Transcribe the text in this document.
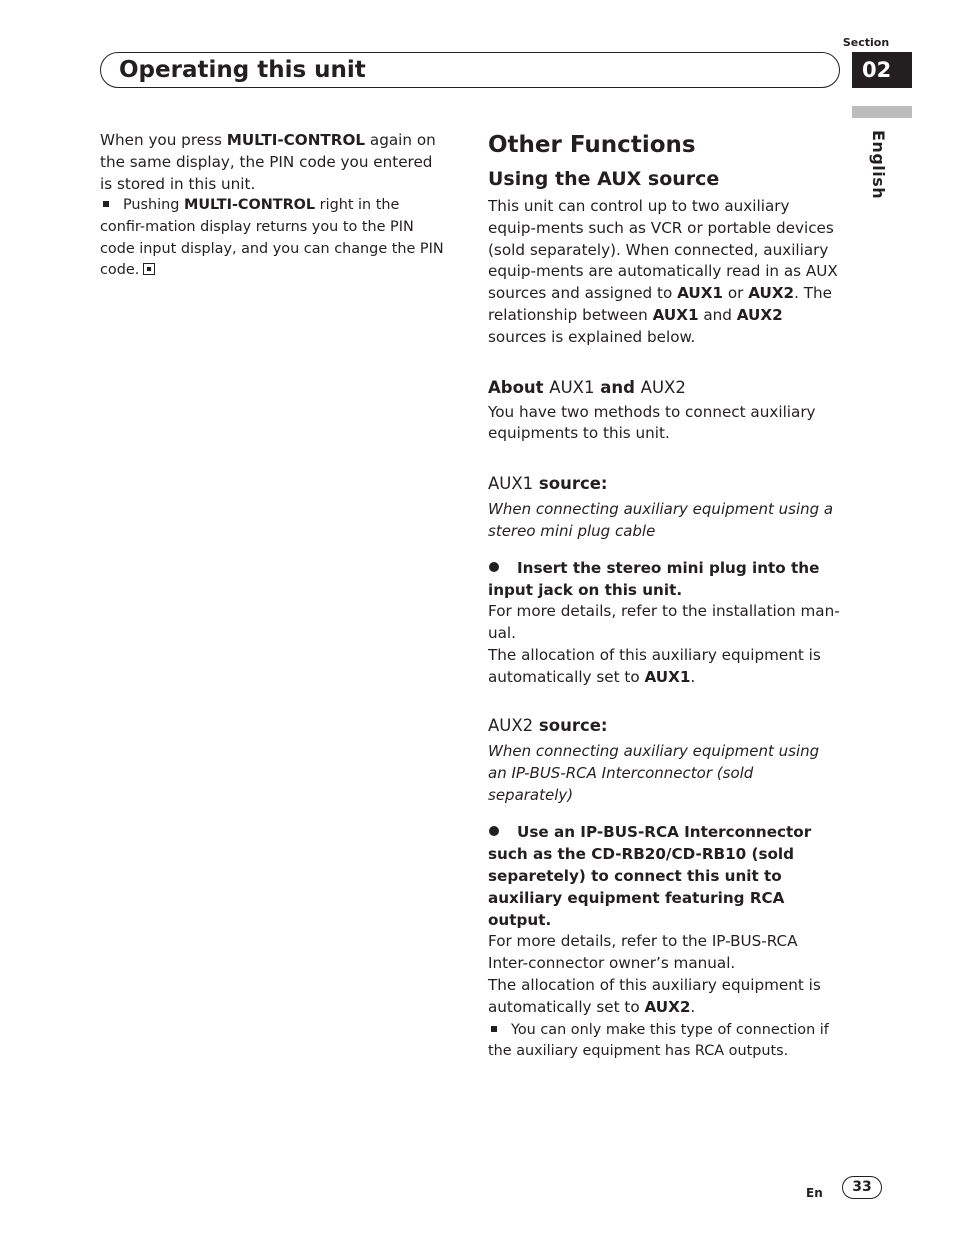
Section
02
Operating this unit
English

When you press MULTI-CONTROL again on the same display, the PIN code you entered is stored in this unit.

Pushing MULTI-CONTROL right in the confir-mation display returns you to the PIN code input display, and you can change the PIN code.

Other Functions
Using the AUX source

This unit can control up to two auxiliary equip-ments such as VCR or portable devices (sold separately). When connected, auxiliary equip-ments are automatically read in as AUX sources and assigned to AUX1 or AUX2. The relationship between AUX1 and AUX2 sources is explained below.

About AUX1 and AUX2

You have two methods to connect auxiliary equipments to this unit.

AUX1 source:

When connecting auxiliary equipment using a stereo mini plug cable

Insert the stereo mini plug into the input jack on this unit.

For more details, refer to the installation man-ual.

The allocation of this auxiliary equipment is automatically set to AUX1.

AUX2 source:

When connecting auxiliary equipment using an IP-BUS-RCA Interconnector (sold separately)

Use an IP-BUS-RCA Interconnector such as the CD-RB20/CD-RB10 (sold separetely) to connect this unit to auxiliary equipment featuring RCA output.

For more details, refer to the IP-BUS-RCA Inter-connector owner’s manual.

The allocation of this auxiliary equipment is automatically set to AUX2.

You can only make this type of connection if the auxiliary equipment has RCA outputs.

En	33
